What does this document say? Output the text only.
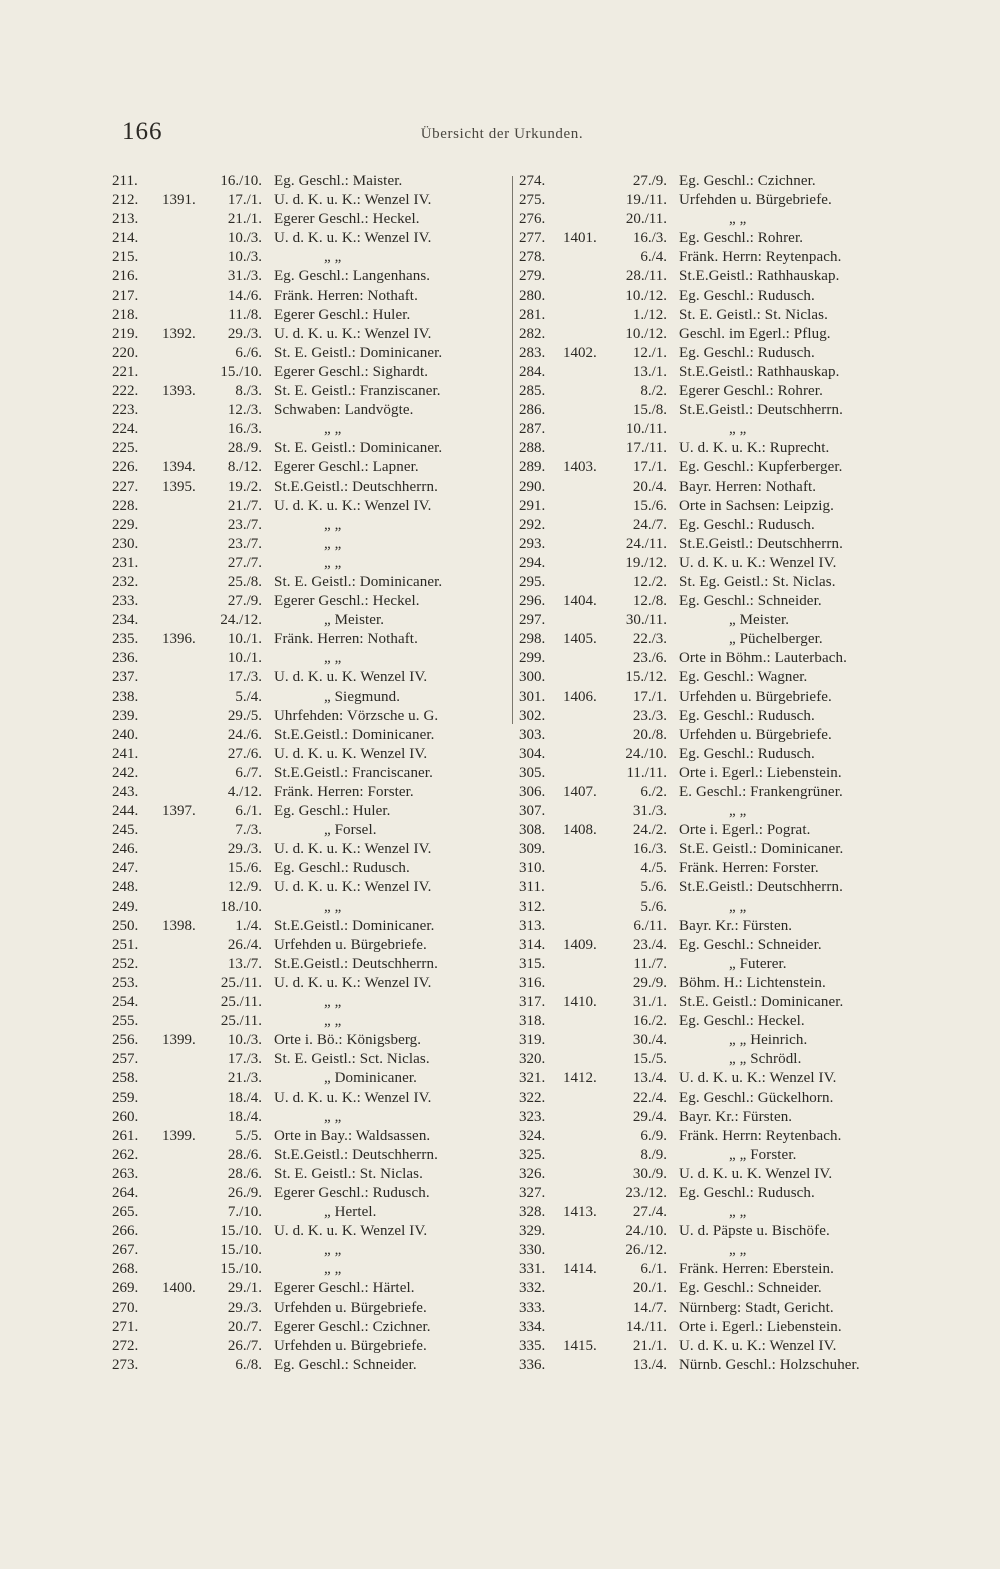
166	Übersicht der Urkunden.
211.	16./10. Eg. Geschl.: Maister.
212.	1391.	17./1. U. d. K. u. K.: Wenzel IV.
213.	21./1. Egerer Geschl.: Heckel.
214.	10./3. U. d. K. u. K.: Wenzel IV.
215.	10./3.	„ „
216.	31./3. Eg. Geschl.: Langenhans.
217.	14./6. Fränk. Herren: Nothaft.
218.	11./8. Egerer Geschl.: Huler.
219.	1392.	29./3. U. d. K. u. K.: Wenzel IV.
220.	6./6. St. E. Geistl.: Dominicaner.
221.	15./10. Egerer Geschl.: Sighardt.
222.	1393.	8./3. St. E. Geistl.: Franziscaner.
223.	12./3. Schwaben: Landvögte.
224.	16./3.	„ „
225.	28./9. St. E. Geistl.: Dominicaner.
226.	1394.	8./12. Egerer Geschl.: Lapner.
227.	1395.	19./2. St.E.Geistl.: Deutschherrn.
228.	21./7. U. d. K. u. K.: Wenzel IV.
229.	23./7.	„ „
230.	23./7.	„ „
231.	27./7.	„ „
232.	25./8. St. E. Geistl.: Dominicaner.
233.	27./9. Egerer Geschl.: Heckel.
234.	24./12.	„ Meister.
235.	1396.	10./1. Fränk. Herren: Nothaft.
236.	10./1.	„ „
237.	17./3. U. d. K. u. K. Wenzel IV.
238.	5./4.	„ Siegmund.
239.	29./5. Uhrfehden: Vörzsche u. G.
240.	24./6. St.E.Geistl.: Dominicaner.
241.	27./6. U. d. K. u. K. Wenzel IV.
242.	6./7. St.E.Geistl.: Franciscaner.
243.	4./12. Fränk. Herren: Forster.
244.	1397.	6./1. Eg. Geschl.: Huler.
245.	7./3.	„ Forsel.
246.	29./3. U. d. K. u. K.: Wenzel IV.
247.	15./6. Eg. Geschl.: Rudusch.
248.	12./9. U. d. K. u. K.: Wenzel IV.
249.	18./10.	„ „
250.	1398.	1./4. St.E.Geistl.: Dominicaner.
251.	26./4. Urfehden u. Bürgebriefe.
252.	13./7. St.E.Geistl.: Deutschherrn.
253.	25./11. U. d. K. u. K.: Wenzel IV.
254.	25./11.	„ „
255.	25./11.	„ „
256.	1399.	10./3. Orte i. Bö.: Königsberg.
257.	17./3. St. E. Geistl.: Sct. Niclas.
258.	21./3.	„ Dominicaner.
259.	18./4. U. d. K. u. K.: Wenzel IV.
260.	18./4.	„ „
261.	1399.	5./5. Orte in Bay.: Waldsassen.
262.	28./6. St.E.Geistl.: Deutschherrn.
263.	28./6. St. E. Geistl.: St. Niclas.
264.	26./9. Egerer Geschl.: Rudusch.
265.	7./10.	„ Hertel.
266.	15./10. U. d. K. u. K. Wenzel IV.
267.	15./10.	„ „
268.	15./10.	„ „
269.	1400.	29./1. Egerer Geschl.: Härtel.
270.	29./3. Urfehden u. Bürgebriefe.
271.	20./7. Egerer Geschl.: Czichner.
272.	26./7. Urfehden u. Bürgebriefe.
273.	6./8. Eg. Geschl.: Schneider.
274.	27./9. Eg. Geschl.: Czichner.
275.	19./11. Urfehden u. Bürgebriefe.
276.	20./11.	„ „
277.	1401.	16./3. Eg. Geschl.: Rohrer.
278.	6./4. Fränk. Herrn: Reytenpach.
279.	28./11. St.E.Geistl.: Rathhauskap.
280.	10./12. Eg. Geschl.: Rudusch.
281.	1./12. St. E. Geistl.: St. Niclas.
282.	10./12. Geschl. im Egerl.: Pflug.
283.	1402.	12./1. Eg. Geschl.: Rudusch.
284.	13./1. St.E.Geistl.: Rathhauskap.
285.	8./2. Egerer Geschl.: Rohrer.
286.	15./8. St.E.Geistl.: Deutschherrn.
287.	10./11.	„ „
288.	17./11. U. d. K. u. K.: Ruprecht.
289.	1403.	17./1. Eg. Geschl.: Kupferberger.
290.	20./4. Bayr. Herren: Nothaft.
291.	15./6. Orte in Sachsen: Leipzig.
292.	24./7. Eg. Geschl.: Rudusch.
293.	24./11. St.E.Geistl.: Deutschherrn.
294.	19./12. U. d. K. u. K.: Wenzel IV.
295.	12./2. St. Eg. Geistl.: St. Niclas.
296.	1404.	12./8. Eg. Geschl.: Schneider.
297.	30./11.	„ Meister.
298.	1405.	22./3.	„ Püchelberger.
299.	23./6. Orte in Böhm.: Lauterbach.
300.	15./12. Eg. Geschl.: Wagner.
301.	1406.	17./1. Urfehden u. Bürgebriefe.
302.	23./3. Eg. Geschl.: Rudusch.
303.	20./8. Urfehden u. Bürgebriefe.
304.	24./10. Eg. Geschl.: Rudusch.
305.	11./11. Orte i. Egerl.: Liebenstein.
306.	1407.	6./2. E. Geschl.: Frankengrüner.
307.	31./3.	„ „
308.	1408.	24./2. Orte i. Egerl.: Pograt.
309.	16./3. St.E. Geistl.: Dominicaner.
310.	4./5. Fränk. Herren: Forster.
311.	5./6. St.E.Geistl.: Deutschherrn.
312.	5./6.	„ „
313.	6./11. Bayr. Kr.: Fürsten.
314.	1409.	23./4. Eg. Geschl.: Schneider.
315.	11./7.	„ Futerer.
316.	29./9. Böhm. H.: Lichtenstein.
317.	1410.	31./1. St.E. Geistl.: Dominicaner.
318.	16./2. Eg. Geschl.: Heckel.
319.	30./4.	„ „ Heinrich.
320.	15./5.	„ „ Schrödl.
321.	1412.	13./4. U. d. K. u. K.: Wenzel IV.
322.	22./4. Eg. Geschl.: Gückelhorn.
323.	29./4. Bayr. Kr.: Fürsten.
324.	6./9. Fränk. Herrn: Reytenbach.
325.	8./9.	„ „ Forster.
326.	30./9. U. d. K. u. K. Wenzel IV.
327.	23./12. Eg. Geschl.: Rudusch.
328.	1413.	27./4.	„ „
329.	24./10. U. d. Päpste u. Bischöfe.
330.	26./12.	„ „
331.	1414.	6./1. Fränk. Herren: Eberstein.
332.	20./1. Eg. Geschl.: Schneider.
333.	14./7. Nürnberg: Stadt, Gericht.
334.	14./11. Orte i. Egerl.: Liebenstein.
335.	1415.	21./1. U. d. K. u. K.: Wenzel IV.
336.	13./4. Nürnb. Geschl.: Holzschuher.
